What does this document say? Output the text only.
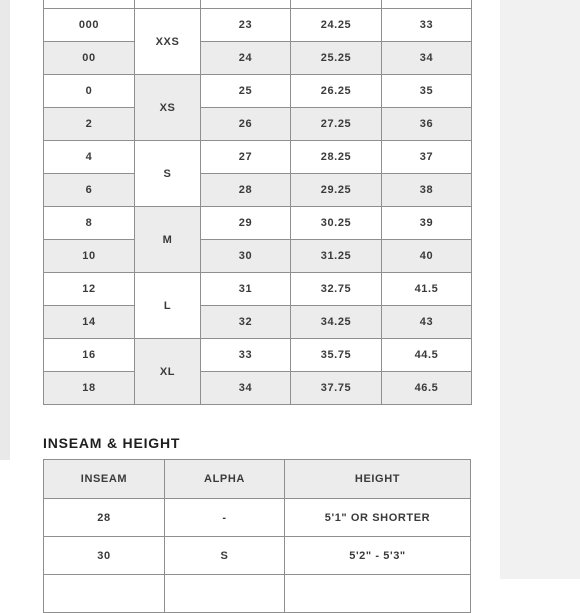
000	XXS	23	24.25	33
00		24	25.25	34
0	XS	25	26.25	35
2		26	27.25	36
4	S	27	28.25	37
6		28	29.25	38
8	M	29	30.25	39
10		30	31.25	40
12	L	31	32.75	41.5
14		32	34.25	43
16	XL	33	35.75	44.5
18		34	37.75	46.5
INSEAM & HEIGHT
INSEAM	ALPHA	HEIGHT
28	-	5'1" OR SHORTER
30	S	5'2" - 5'3"
